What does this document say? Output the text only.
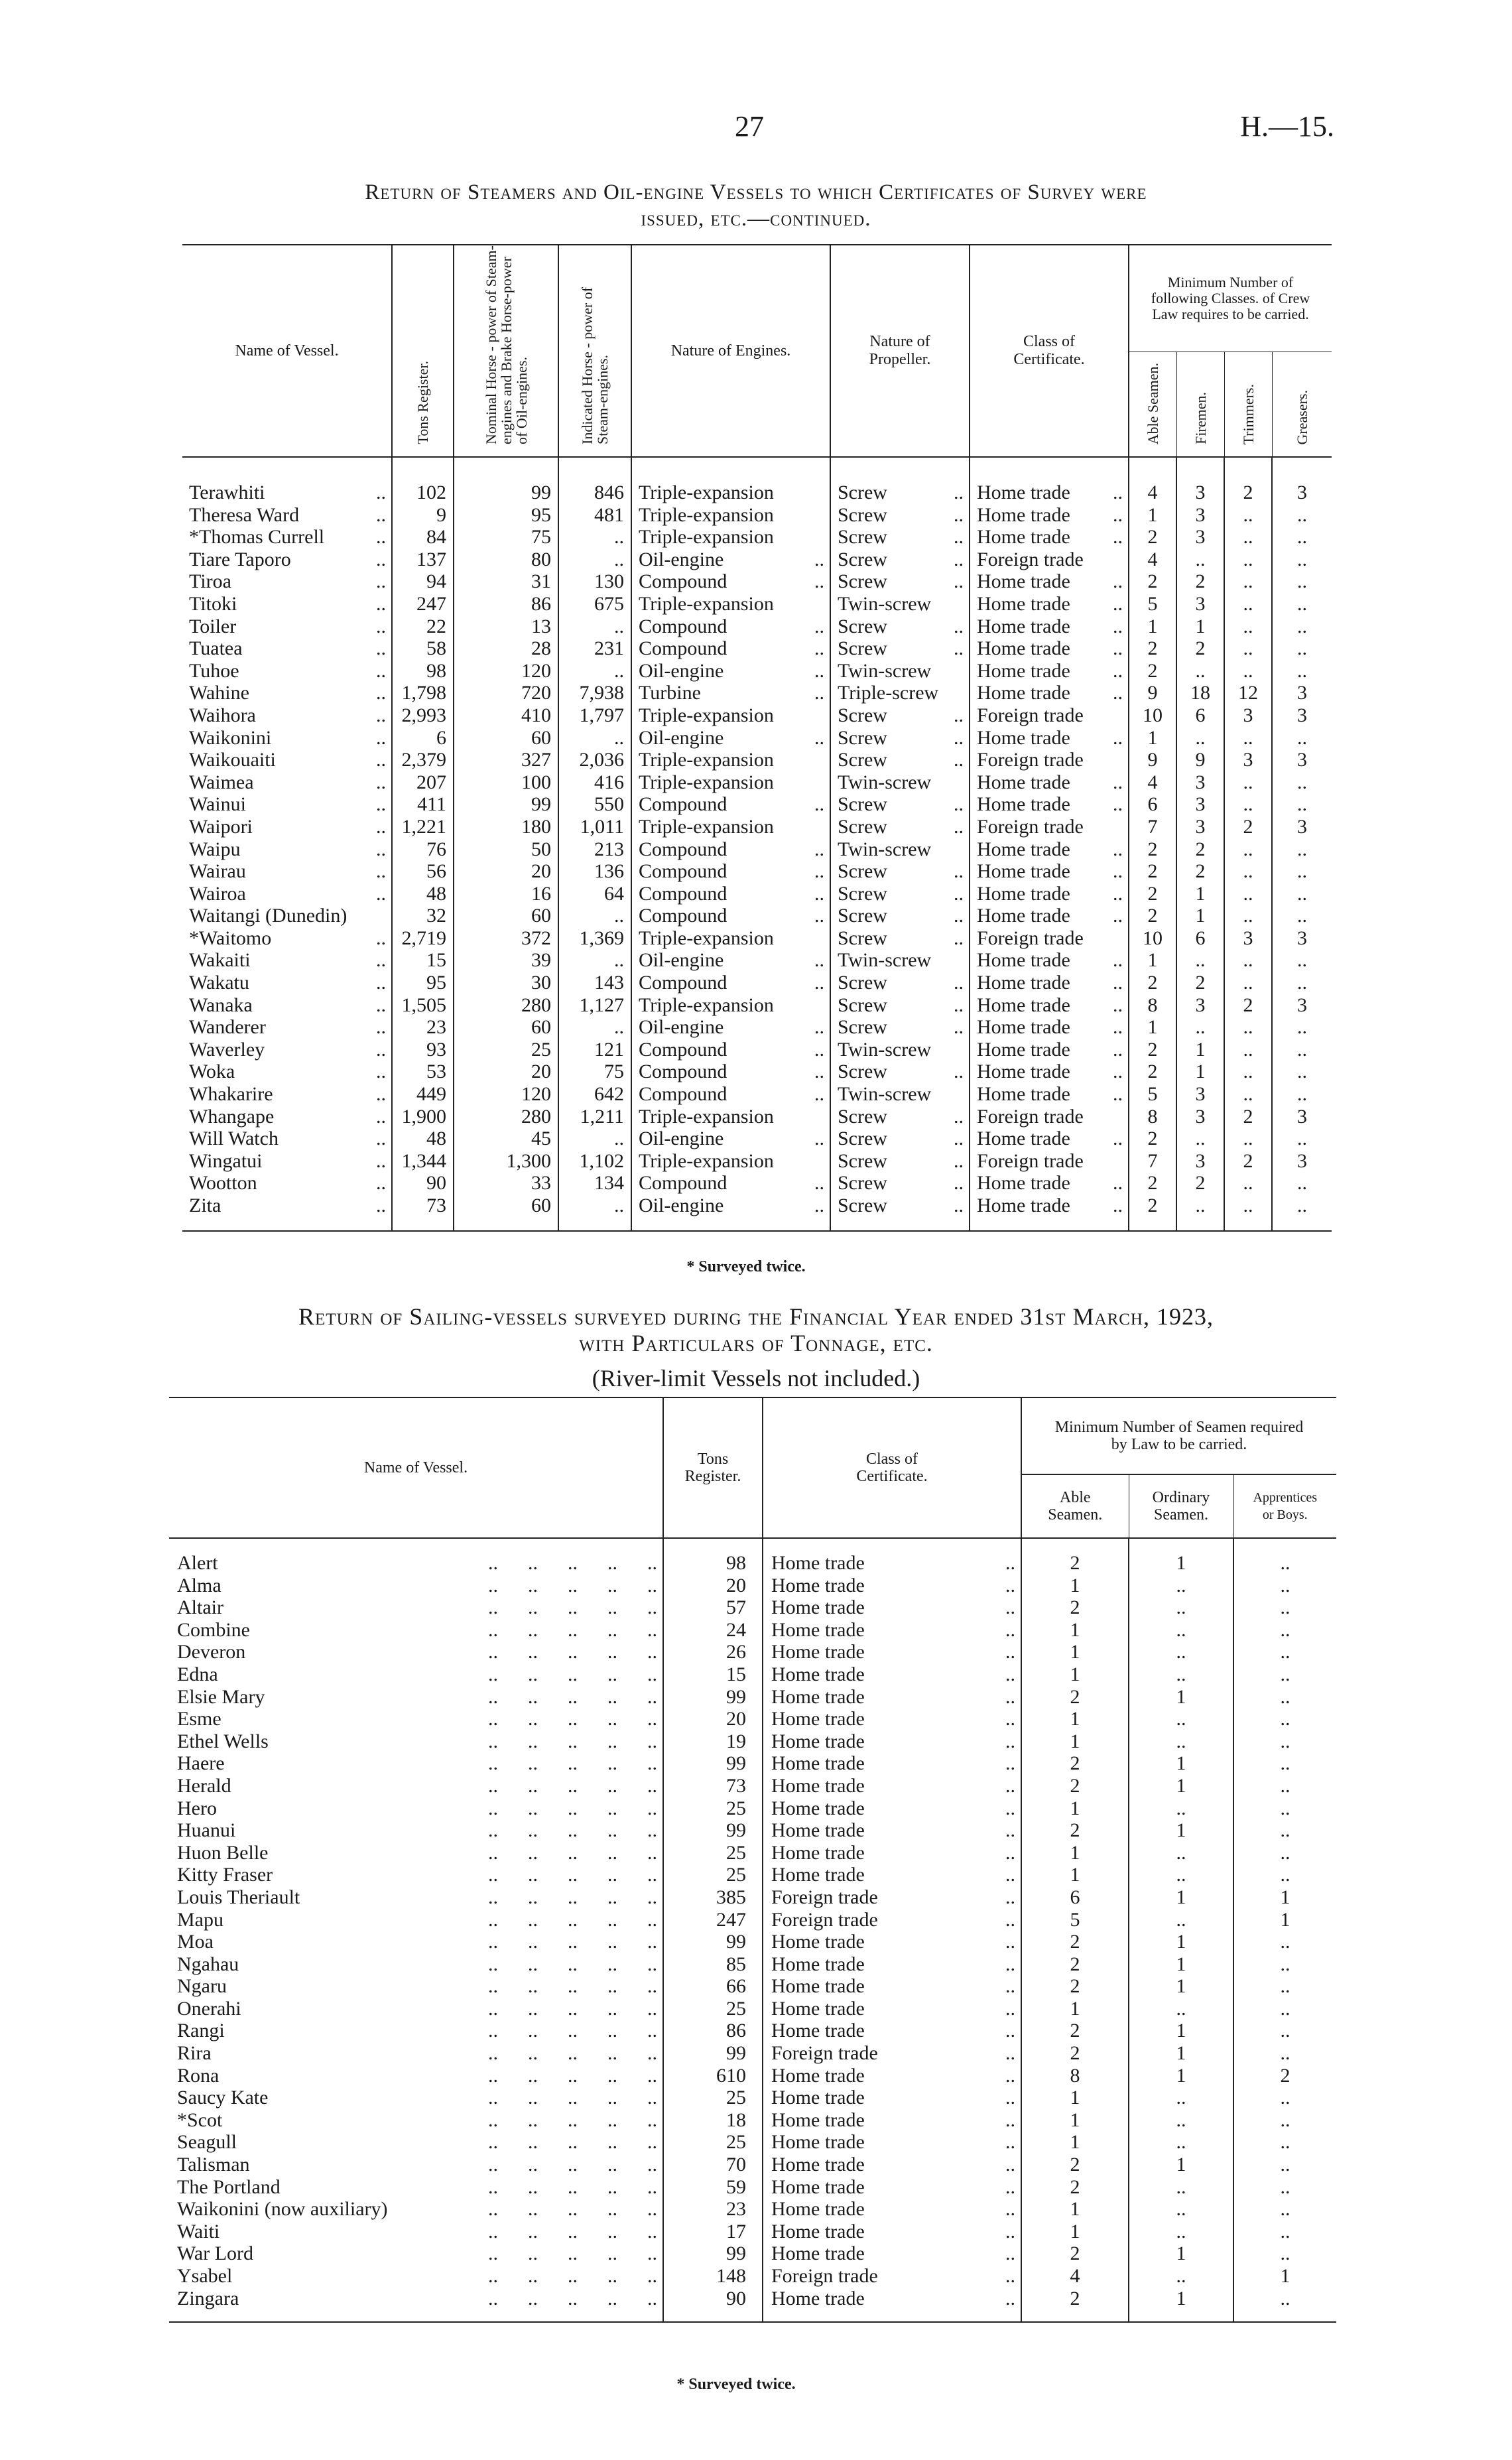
27	H.—15.
Return of Steamers and Oil-engine Vessels to which Certificates of Survey were
issued, etc.—continued.
Name of Vessel.	Tons Register.	Nominal Horse - power of Steam-engines and Brake Horse-power of Oil-engines.	Indicated Horse - power of Steam-engines.	Nature of Engines.	Nature of Propeller.	Class of Certificate.	Minimum Number of following Classes. of Crew Law requires to be carried.			
							Able Seamen.	Firemen.	Trimmers.	Greasers.

Terawhiti ..	102	99	846	Triple-expansion	Screw ..	Home trade ..	4	3	2	3

Theresa Ward ..	9	95	481	Triple-expansion	Screw ..	Home trade ..	1	3	..	..

*Thomas Currell ..	84	75	..	Triple-expansion	Screw ..	Home trade ..	2	3	..	..

Tiare Taporo ..	137	80	..	Oil-engine ..	Screw ..	Foreign trade	4	..	..	..

Tiroa ..	94	31	130	Compound ..	Screw ..	Home trade ..	2	2	..	..

Titoki ..	247	86	675	Triple-expansion	Twin-screw	Home trade ..	5	3	..	..

Toiler ..	22	13	..	Compound ..	Screw ..	Home trade ..	1	1	..	..

Tuatea ..	58	28	231	Compound ..	Screw ..	Home trade ..	2	2	..	..

Tuhoe ..	98	120	..	Oil-engine ..	Twin-screw	Home trade ..	2	..	..	..

Wahine ..	1,798	720	7,938	Turbine ..	Triple-screw	Home trade ..	9	18	12	3

Waihora ..	2,993	410	1,797	Triple-expansion	Screw ..	Foreign trade	10	6	3	3

Waikonini ..	6	60	..	Oil-engine ..	Screw ..	Home trade ..	1	..	..	..

Waikouaiti ..	2,379	327	2,036	Triple-expansion	Screw ..	Foreign trade	9	9	3	3

Waimea ..	207	100	416	Triple-expansion	Twin-screw	Home trade ..	4	3	..	..

Wainui ..	411	99	550	Compound ..	Screw ..	Home trade ..	6	3	..	..

Waipori ..	1,221	180	1,011	Triple-expansion	Screw ..	Foreign trade	7	3	2	3

Waipu ..	76	50	213	Compound ..	Twin-screw	Home trade ..	2	2	..	..

Wairau ..	56	20	136	Compound ..	Screw ..	Home trade ..	2	2	..	..

Wairoa ..	48	16	64	Compound ..	Screw ..	Home trade ..	2	1	..	..

Waitangi (Dunedin)	32	60	..	Compound ..	Screw ..	Home trade ..	2	1	..	..

*Waitomo ..	2,719	372	1,369	Triple-expansion	Screw ..	Foreign trade	10	6	3	3

Wakaiti ..	15	39	..	Oil-engine ..	Twin-screw	Home trade ..	1	..	..	..

Wakatu ..	95	30	143	Compound ..	Screw ..	Home trade ..	2	2	..	..

Wanaka ..	1,505	280	1,127	Triple-expansion	Screw ..	Home trade ..	8	3	2	3

Wanderer ..	23	60	..	Oil-engine ..	Screw ..	Home trade ..	1	..	..	..

Waverley ..	93	25	121	Compound ..	Twin-screw	Home trade ..	2	1	..	..

Woka ..	53	20	75	Compound ..	Screw ..	Home trade ..	2	1	..	..

Whakarire ..	449	120	642	Compound ..	Twin-screw	Home trade ..	5	3	..	..

Whangape ..	1,900	280	1,211	Triple-expansion	Screw ..	Foreign trade	8	3	2	3

Will Watch ..	48	45	..	Oil-engine ..	Screw ..	Home trade ..	2	..	..	..

Wingatui ..	1,344	1,300	1,102	Triple-expansion	Screw ..	Foreign trade	7	3	2	3

Wootton ..	90	33	134	Compound ..	Screw ..	Home trade ..	2	2	..	..

Zita ..	73	60	..	Oil-engine ..	Screw ..	Home trade ..	2	..	..	..
* Surveyed twice.
Return of Sailing-vessels surveyed during the Financial Year ended 31st March, 1923,
with Particulars of Tonnage, etc.
(River-limit Vessels not included.)
Name of Vessel.	Tons Register.	Class of Certificate.	Minimum Number of Seamen required by Law to be carried.		
			Able Seamen.	Ordinary Seamen.	Apprentices or Boys.

Alert ..      ..      ..      ..      ..	98	Home trade ..	2	1	..

Alma ..      ..      ..      ..      ..	20	Home trade ..	1	..	..

Altair ..      ..      ..      ..      ..	57	Home trade ..	2	..	..

Combine ..      ..      ..      ..      ..	24	Home trade ..	1	..	..

Deveron ..      ..      ..      ..      ..	26	Home trade ..	1	..	..

Edna ..      ..      ..      ..      ..	15	Home trade ..	1	..	..

Elsie Mary ..      ..      ..      ..      ..	99	Home trade ..	2	1	..

Esme ..      ..      ..      ..      ..	20	Home trade ..	1	..	..

Ethel Wells ..      ..      ..      ..      ..	19	Home trade ..	1	..	..

Haere ..      ..      ..      ..      ..	99	Home trade ..	2	1	..

Herald ..      ..      ..      ..      ..	73	Home trade ..	2	1	..

Hero ..      ..      ..      ..      ..	25	Home trade ..	1	..	..

Huanui ..      ..      ..      ..      ..	99	Home trade ..	2	1	..

Huon Belle ..      ..      ..      ..      ..	25	Home trade ..	1	..	..

Kitty Fraser ..      ..      ..      ..      ..	25	Home trade ..	1	..	..

Louis Theriault ..      ..      ..      ..      ..	385	Foreign trade ..	6	1	1

Mapu ..      ..      ..      ..      ..	247	Foreign trade ..	5	..	1

Moa ..      ..      ..      ..      ..	99	Home trade ..	2	1	..

Ngahau ..      ..      ..      ..      ..	85	Home trade ..	2	1	..

Ngaru ..      ..      ..      ..      ..	66	Home trade ..	2	1	..

Onerahi ..      ..      ..      ..      ..	25	Home trade ..	1	..	..

Rangi ..      ..      ..      ..      ..	86	Home trade ..	2	1	..

Rira ..      ..      ..      ..      ..	99	Foreign trade ..	2	1	..

Rona ..      ..      ..      ..      ..	610	Home trade ..	8	1	2

Saucy Kate ..      ..      ..      ..      ..	25	Home trade ..	1	..	..

*Scot ..      ..      ..      ..      ..	18	Home trade ..	1	..	..

Seagull ..      ..      ..      ..      ..	25	Home trade ..	1	..	..

Talisman ..      ..      ..      ..      ..	70	Home trade ..	2	1	..

The Portland ..      ..      ..      ..      ..	59	Home trade ..	2	..	..

Waikonini (now auxiliary) ..      ..      ..      ..      ..	23	Home trade ..	1	..	..

Waiti ..      ..      ..      ..      ..	17	Home trade ..	1	..	..

War Lord ..      ..      ..      ..      ..	99	Home trade ..	2	1	..

Ysabel ..      ..      ..      ..      ..	148	Foreign trade ..	4	..	1

Zingara ..      ..      ..      ..      ..	90	Home trade ..	2	1	..
* Surveyed twice.
